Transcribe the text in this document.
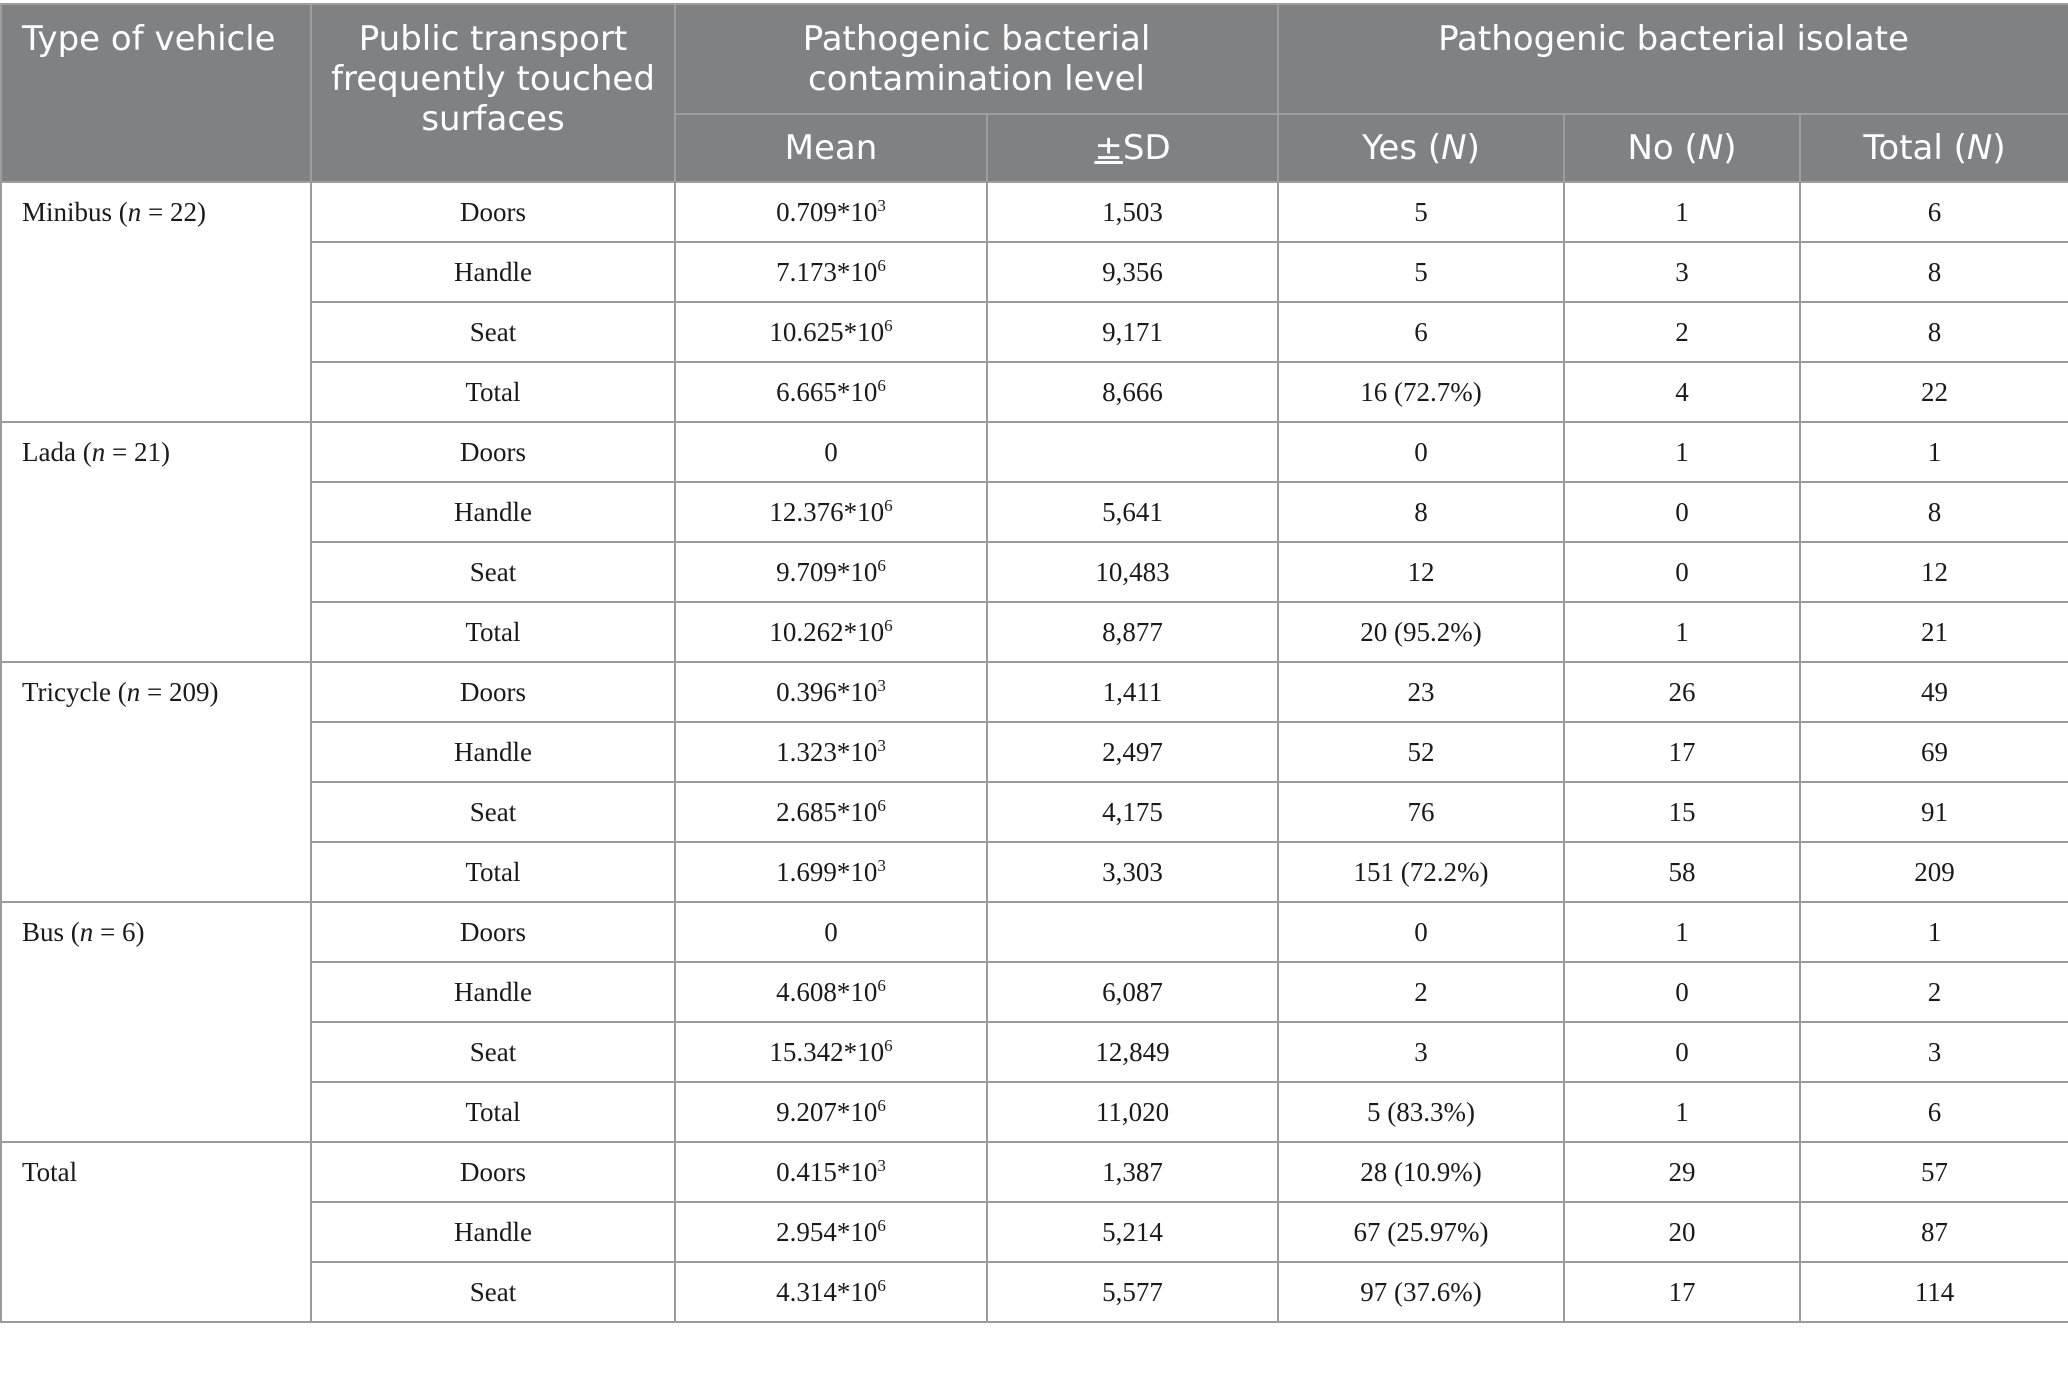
Type of vehicle	Public transport frequently touched surfaces	Pathogenic bacterial contamination level		Pathogenic bacterial isolate		
		Mean	±SD	Yes (N)	No (N)	Total (N)
Minibus (n = 22)	Doors	$0.709*10^3$	1,503	5	1	6
	Handle	$7.173*10^6$	9,356	5	3	8
	Seat	$10.625*10^6$	9,171	6	2	8
	Total	$6.665*10^6$	8,666	16 (72.7%)	4	22
Lada (n = 21)	Doors	0		0	1	1
	Handle	$12.376*10^6$	5,641	8	0	8
	Seat	$9.709*10^6$	10,483	12	0	12
	Total	$10.262*10^6$	8,877	20 (95.2%)	1	21
Tricycle (n = 209)	Doors	$0.396*10^3$	1,411	23	26	49
	Handle	$1.323*10^3$	2,497	52	17	69
	Seat	$2.685*10^6$	4,175	76	15	91
	Total	$1.699*10^3$	3,303	151 (72.2%)	58	209
Bus (n = 6)	Doors	0		0	1	1
	Handle	$4.608*10^6$	6,087	2	0	2
	Seat	$15.342*10^6$	12,849	3	0	3
	Total	$9.207*10^6$	11,020	5 (83.3%)	1	6
Total	Doors	$0.415*10^3$	1,387	28 (10.9%)	29	57
	Handle	$2.954*10^6$	5,214	67 (25.97%)	20	87
	Seat	$4.314*10^6$	5,577	97 (37.6%)	17	114
